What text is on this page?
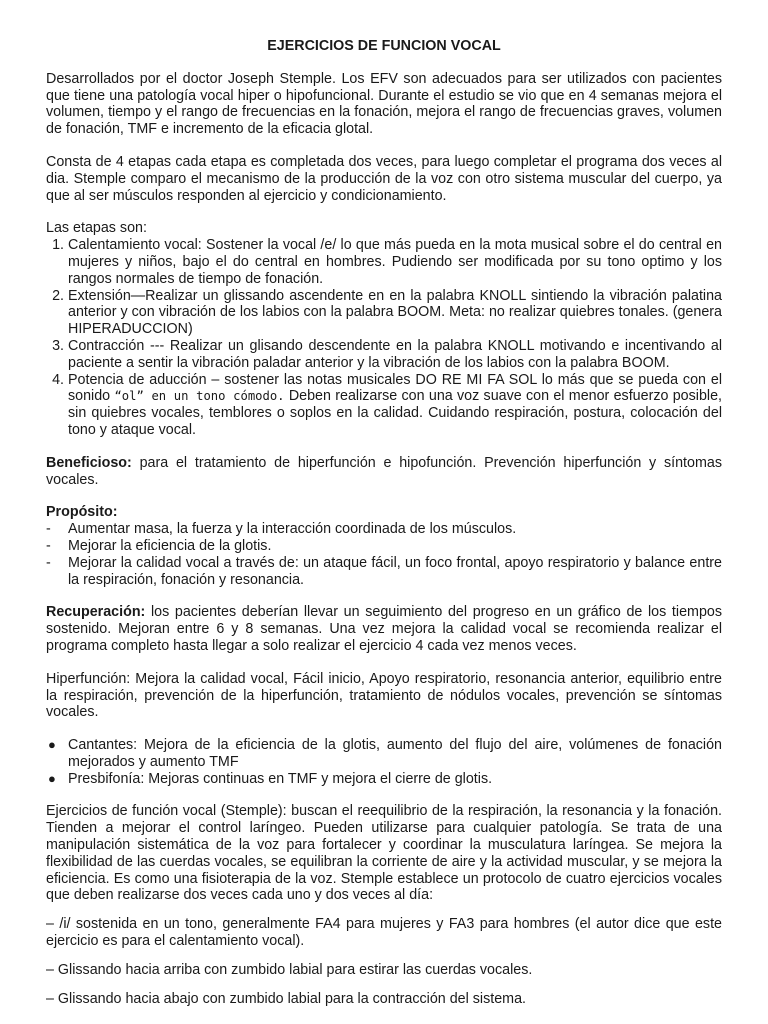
EJERCICIOS DE FUNCION VOCAL

Desarrollados por el doctor Joseph Stemple. Los EFV son adecuados para ser utilizados con pacientes que tiene una patología vocal hiper o hipofuncional. Durante el estudio se vio que en 4 semanas mejora el volumen, tiempo y el rango de frecuencias en la fonación, mejora el rango de frecuencias graves, volumen de fonación, TMF e incremento de la eficacia glotal.

Consta de 4 etapas cada etapa es completada dos veces, para luego completar el programa dos veces al dia. Stemple comparo el mecanismo de la producción de la voz con otro sistema muscular del cuerpo, ya que al ser músculos responden al ejercicio y condicionamiento.

Las etapas son:

1. Calentamiento vocal: Sostener la vocal /e/ lo que más pueda en la mota musical sobre el do central en mujeres y niños, bajo el do central en hombres. Pudiendo ser modificada por su tono optimo y los rangos normales de tiempo de fonación.
2. Extensión—Realizar un glissando ascendente en en la palabra KNOLL sintiendo la vibración palatina anterior y con vibración de los labios con la palabra BOOM. Meta: no realizar quiebres tonales. (genera HIPERADUCCION)
3. Contracción --- Realizar un glisando descendente en la palabra KNOLL motivando e incentivando al paciente a sentir la vibración paladar anterior y la vibración de los labios con la palabra BOOM.
4. Potencia de aducción – sostener las notas musicales DO RE MI FA SOL lo más que se pueda con el sonido “ol” en un tono cómodo. Deben realizarse con una voz suave con el menor esfuerzo posible, sin quiebres vocales, temblores o soplos en la calidad. Cuidando respiración, postura, colocación del tono y ataque vocal.

Beneficioso: para el tratamiento de hiperfunción e hipofunción. Prevención hiperfunción y síntomas vocales.

Propósito:

- Aumentar masa, la fuerza y la interacción coordinada de los músculos.
- Mejorar la eficiencia de la glotis.
- Mejorar la calidad vocal a través de: un ataque fácil, un foco frontal, apoyo respiratorio y balance entre la respiración, fonación y resonancia.

Recuperación: los pacientes deberían llevar un seguimiento del progreso en un gráfico de los tiempos sostenido. Mejoran entre 6 y 8 semanas. Una vez mejora la calidad vocal se recomienda realizar el programa completo hasta llegar a solo realizar el ejercicio 4 cada vez menos veces.

Hiperfunción: Mejora la calidad vocal, Fácil inicio, Apoyo respiratorio, resonancia anterior, equilibrio entre la respiración, prevención de la hiperfunción, tratamiento de nódulos vocales, prevención se síntomas vocales.

● Cantantes: Mejora de la eficiencia de la glotis, aumento del flujo del aire, volúmenes de fonación mejorados y aumento TMF
● Presbifonía: Mejoras continuas en TMF y mejora el cierre de glotis.

Ejercicios de función vocal (Stemple): buscan el reequilibrio de la respiración, la resonancia y la fonación. Tienden a mejorar el control laríngeo. Pueden utilizarse para cualquier patología. Se trata de una manipulación sistemática de la voz para fortalecer y coordinar la musculatura laríngea. Se mejora la flexibilidad de las cuerdas vocales, se equilibran la corriente de aire y la actividad muscular, y se mejora la eficiencia. Es como una fisioterapia de la voz. Stemple establece un protocolo de cuatro ejercicios vocales que deben realizarse dos veces cada uno y dos veces al día:

– /i/ sostenida en un tono, generalmente FA4 para mujeres y FA3 para hombres (el autor dice que este ejercicio es para el calentamiento vocal).

– Glissando hacia arriba con zumbido labial para estirar las cuerdas vocales.

– Glissando hacia abajo con zumbido labial para la contracción del sistema.
